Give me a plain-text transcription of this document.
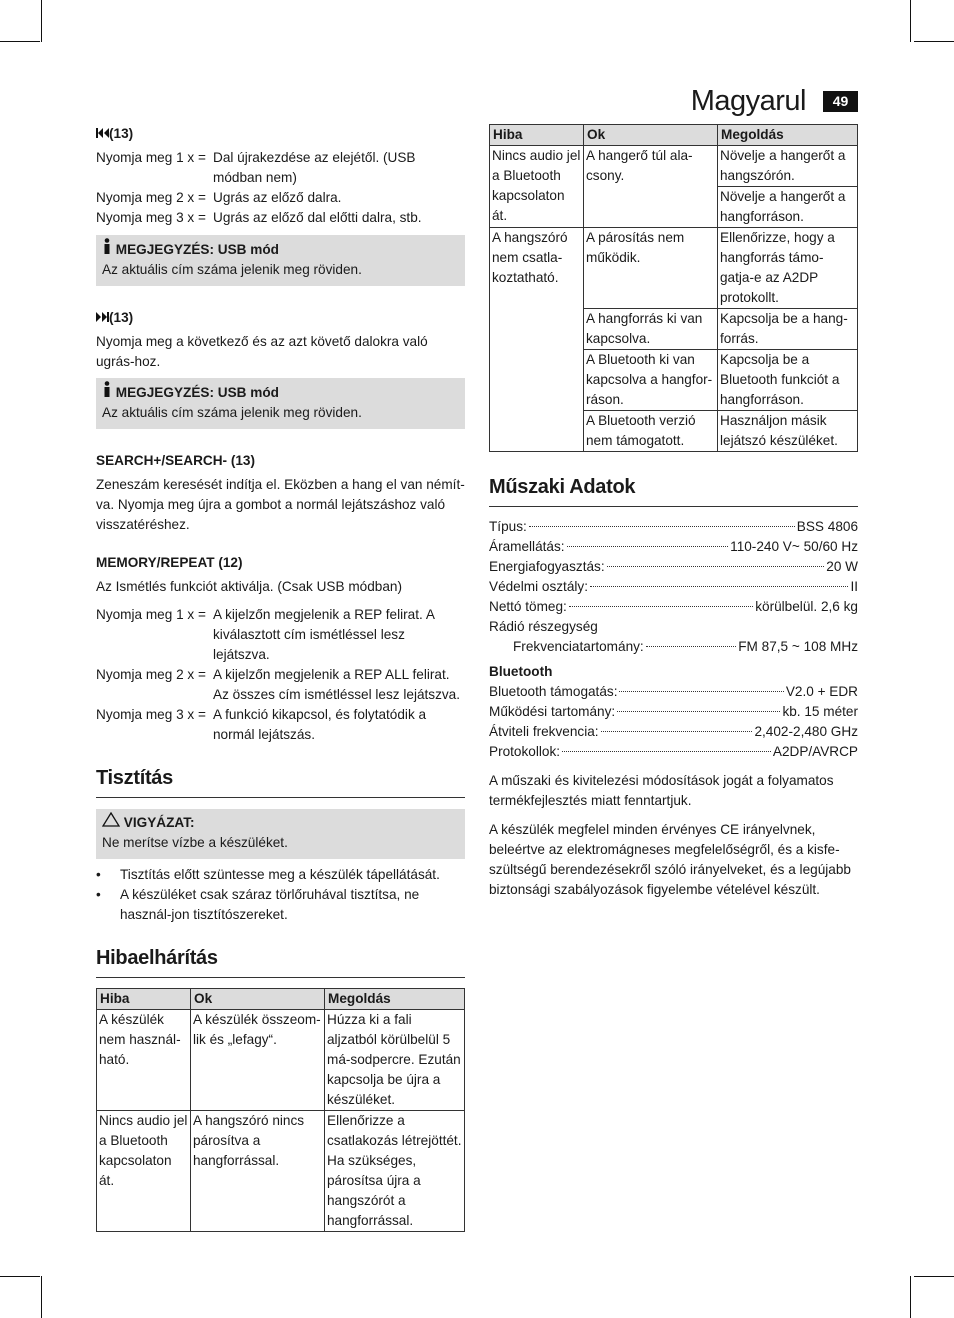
Magyarul	49
(13)
Nyomja meg 1 x = Dal újrakezdése az elejétől. (USB módban nem)
Nyomja meg 2 x = Ugrás az előző dalra.
Nyomja meg 3 x = Ugrás az előző dal előtti dalra, stb.
MEGJEGYZÉS: USB mód
Az aktuális cím száma jelenik meg röviden.
(13)
Nyomja meg a következő és az azt követő dalokra való ugrás-hoz.
MEGJEGYZÉS: USB mód
Az aktuális cím száma jelenik meg röviden.
SEARCH+/SEARCH- (13)
Zeneszám keresését indítja el. Eközben a hang el van némít-va. Nyomja meg újra a gombot a normál lejátszáshoz való visszatéréshez.
MEMORY/REPEAT (12)
Az Ismétlés funkciót aktiválja. (Csak USB módban)
Nyomja meg 1 x = A kijelzőn megjelenik a REP felirat. A kiválasztott cím ismétléssel lesz lejátszva.
Nyomja meg 2 x = A kijelzőn megjelenik a REP ALL felirat. Az összes cím ismétléssel lesz lejátszva.
Nyomja meg 3 x = A funkció kikapcsol, és folytatódik a normál lejátszás.
Tisztítás
VIGYÁZAT:
Ne merítse vízbe a készüléket.
• Tisztítás előtt szüntesse meg a készülék tápellátását.
• A készüléket csak száraz törlőruhával tisztítsa, ne használ-jon tisztítószereket.
Hibaelhárítás
Hiba	Ok	Megoldás
A készülék nem használ-ható.	A készülék összeom-lik és „lefagy“.	Húzza ki a fali aljzatból körülbelül 5 má-sodpercre. Ezután kapcsolja be újra a készüléket.
Nincs audio jel a Bluetooth kapcsolaton át.	A hangszóró nincs párosítva a hangforrással.	Ellenőrizze a csatlakozás létrejöttét. Ha szükséges, párosítsa újra a hangszórót a hangforrással.
Hiba	Ok	Megoldás
Nincs audio jel a Bluetooth kapcsolaton át.	A hangerő túl ala-csony.	Növelje a hangerőt a hangszórón.
		Növelje a hangerőt a hangforráson.
A hangszóró nem csatla-koztatható.	A párosítás nem működik.	Ellenőrizze, hogy a hangforrás támo-gatja-e az A2DP protokollt.
	A hangforrás ki van kapcsolva.	Kapcsolja be a hang-forrás.
	A Bluetooth ki van kapcsolva a hangfor-ráson.	Kapcsolja be a Bluetooth funkciót a hangforráson.
	A Bluetooth verzió nem támogatott.	Használjon másik lejátszó készüléket.
Műszaki Adatok
Típus:	BSS 4806
Áramellátás:	110-240 V~ 50/60 Hz
Energiafogyasztás:	20 W
Védelmi osztály:	II
Nettó tömeg:	körülbelül. 2,6 kg
Rádió részegység
Frekvenciatartomány:	FM 87,5 ~ 108 MHz
Bluetooth
Bluetooth támogatás:	V2.0 + EDR
Működési tartomány:	kb. 15 méter
Átviteli frekvencia:	2,402-2,480 GHz
Protokollok:	A2DP/AVRCP
A műszaki és kivitelezési módosítások jogát a folyamatos termékfejlesztés miatt fenntartjuk.
A készülék megfelel minden érvényes CE irányelvnek, beleértve az elektromágneses megfelelőségről, és a kisfe-szültségű berendezésekről szóló irányelveket, és a legújabb biztonsági szabályozások figyelembe vételével készült.
